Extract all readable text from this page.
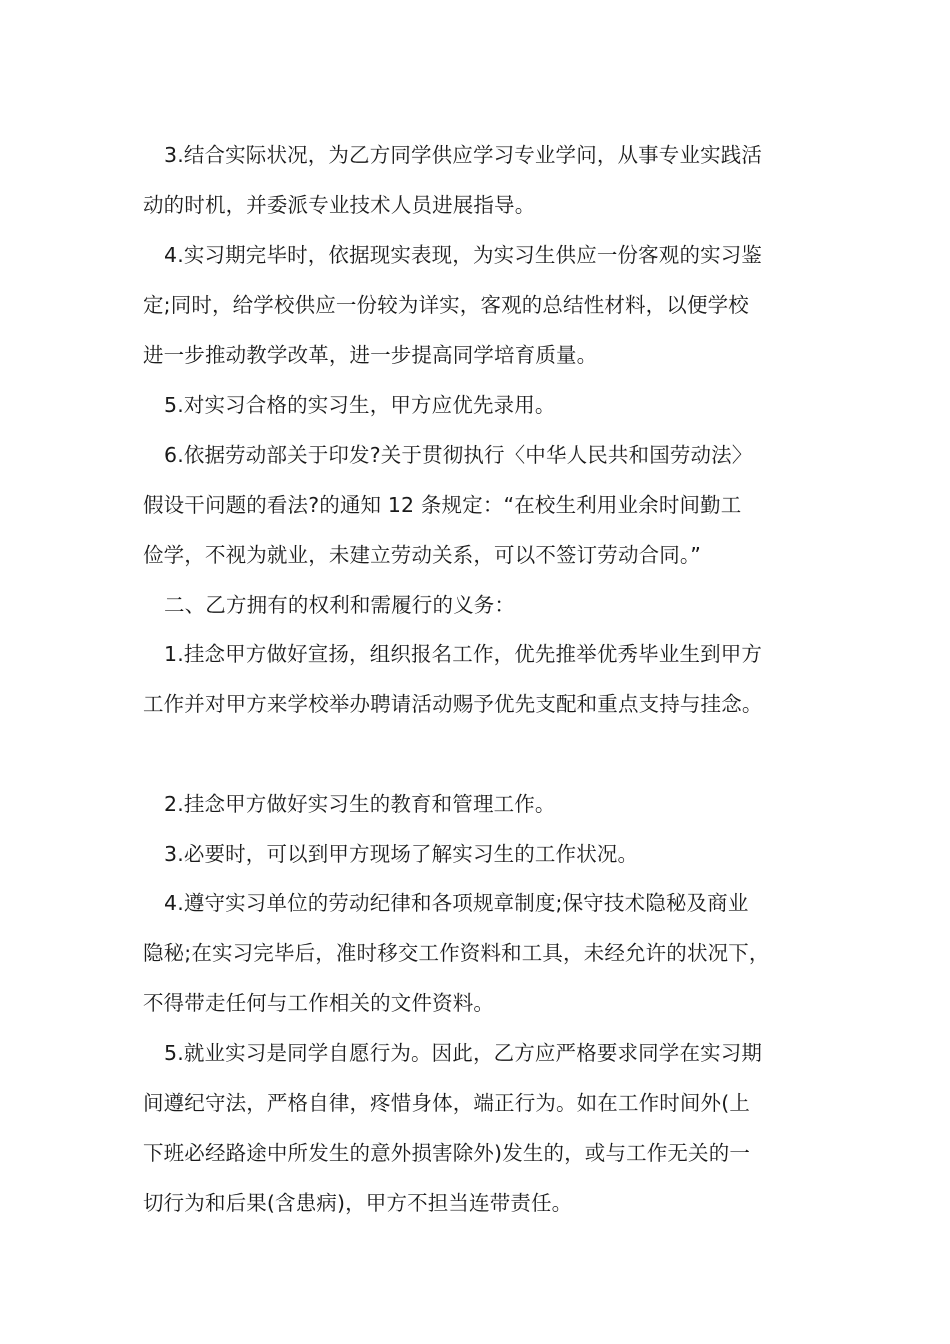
3.结合实际状况，为乙方同学供应学习专业学问，从事专业实践活
动的时机，并委派专业技术人员进展指导。
4.实习期完毕时，依据现实表现，为实习生供应一份客观的实习鉴
定;同时，给学校供应一份较为详实，客观的总结性材料，以便学校
进一步推动教学改革，进一步提高同学培育质量。
5.对实习合格的实习生，甲方应优先录用。
6.依据劳动部关于印发?关于贯彻执行〈中华人民共和国劳动法〉
假设干问题的看法?的通知 12 条规定：“在校生利用业余时间勤工
俭学，不视为就业，未建立劳动关系，可以不签订劳动合同。”
二、乙方拥有的权利和需履行的义务：
1.挂念甲方做好宣扬，组织报名工作，优先推举优秀毕业生到甲方
工作并对甲方来学校举办聘请活动赐予优先支配和重点支持与挂念。
2.挂念甲方做好实习生的教育和管理工作。
3.必要时，可以到甲方现场了解实习生的工作状况。
4.遵守实习单位的劳动纪律和各项规章制度;保守技术隐秘及商业
隐秘;在实习完毕后，准时移交工作资料和工具，未经允许的状况下，
不得带走任何与工作相关的文件资料。
5.就业实习是同学自愿行为。因此，乙方应严格要求同学在实习期
间遵纪守法，严格自律，疼惜身体，端正行为。如在工作时间外(上
下班必经路途中所发生的意外损害除外)发生的，或与工作无关的一
切行为和后果(含患病)，甲方不担当连带责任。
